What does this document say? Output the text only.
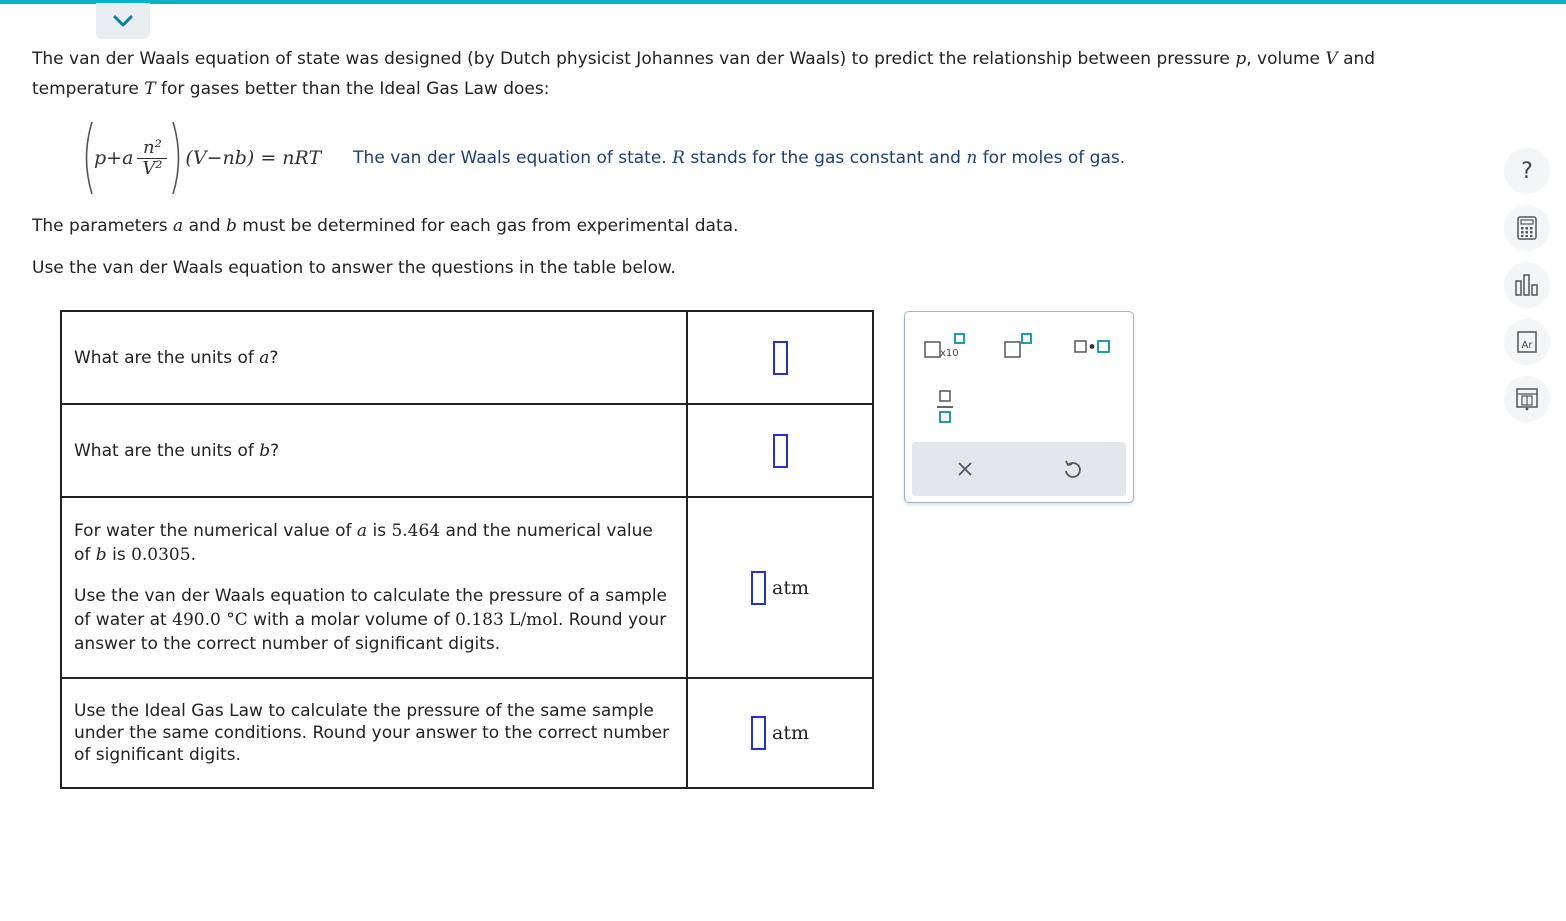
The van der Waals equation of state was designed (by Dutch physicist Johannes van der Waals) to predict the relationship between pressure p, volume V and temperature T for gases better than the Ideal Gas Law does:
$p+a \frac{\text{n²}}{\text{V²}} (V-nb)$ = nRT The van der Waals equation of state. R stands for the gas constant and n for moles of gas.
The parameters a and b must be determined for each gas from experimental data.
Use the van der Waals equation to answer the questions in the table below.
What are the units of a?	
What are the units of b?	

For water the numerical value of a is 5.464 and the numerical value of b is 0.0305.

Use the van der Waals equation to calculate the pressure of a sample of water at 490.0 °C with a molar volume of 0.183 L/mol. Round your answer to the correct number of significant digits.	atm

Use the Ideal Gas Law to calculate the pressure of the same sample under the same conditions. Round your answer to the correct number of significant digits.	atm
x10
?
Ar
